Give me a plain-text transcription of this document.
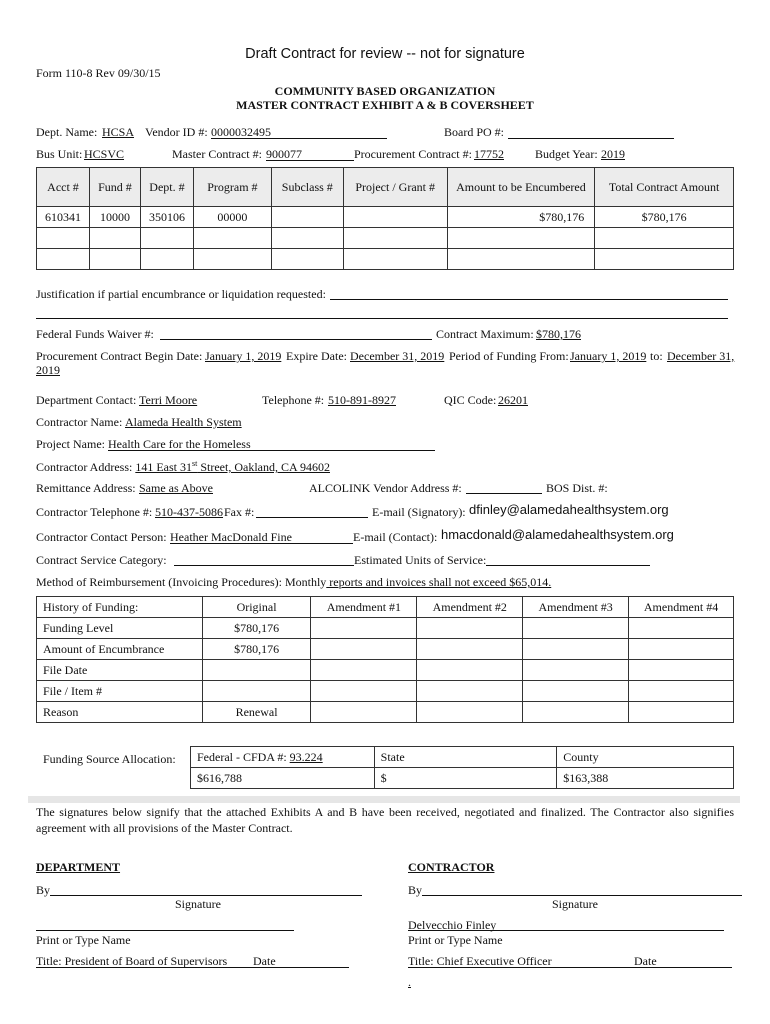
Draft Contract for review -- not for signature
Form 110-8 Rev 09/30/15
COMMUNITY BASED ORGANIZATION
MASTER CONTRACT EXHIBIT A & B COVERSHEET
Dept. Name: HCSA Vendor ID #: 0000032495	Board PO #:
Bus Unit: HCSVC	Master Contract #: 900077	Procurement Contract #: 17752	Budget Year: 2019
Acct #	Fund #	Dept. #	Program #	Subclass #	Project / Grant #	Amount to be Encumbered	Total Contract Amount
610341	10000	350106	00000			$780,176	$780,176

Justification if partial encumbrance or liquidation requested:
Federal Funds Waiver #:	Contract Maximum: $780,176
Procurement Contract Begin Date: January 1, 2019 Expire Date: December 31, 2019 Period of Funding From: January 1, 2019 to: December 31,
2019
Department Contact: Terri Moore	Telephone #: 510-891-8927	QIC Code: 26201
Contractor Name: Alameda Health System
Project Name: Health Care for the Homeless
Contractor Address: 141 East 31st Street, Oakland, CA 94602
Remittance Address: Same as Above	ALCOLINK Vendor Address #:	BOS Dist. #:
Contractor Telephone #: 510-437-5086 Fax #:	E-mail (Signatory): dfinley@alamedahealthsystem.org
Contractor Contact Person: Heather MacDonald Fine	E-mail (Contact): hmacdonald@alamedahealthsystem.org
Contract Service Category:	Estimated Units of Service:
Method of Reimbursement (Invoicing Procedures): Monthly reports and invoices shall not exceed $65,014.
History of Funding:	Original	Amendment #1	Amendment #2	Amendment #3	Amendment #4
Funding Level	$780,176				
Amount of Encumbrance	$780,176				
File Date					
File / Item #					
Reason	Renewal				
Funding Source Allocation: Federal - CFDA #: 93.224	State	County
$616,788	$	$163,388
The signatures below signify that the attached Exhibits A and B have been received, negotiated and finalized. The Contractor also signifies agreement with all provisions of the Master Contract.
DEPARTMENT
By
Signature
Print or Type Name
Title: President of Board of Supervisors Date
CONTRACTOR
By
Signature
Delvecchio Finley
Print or Type Name
Title: Chief Executive Officer	Date
.
